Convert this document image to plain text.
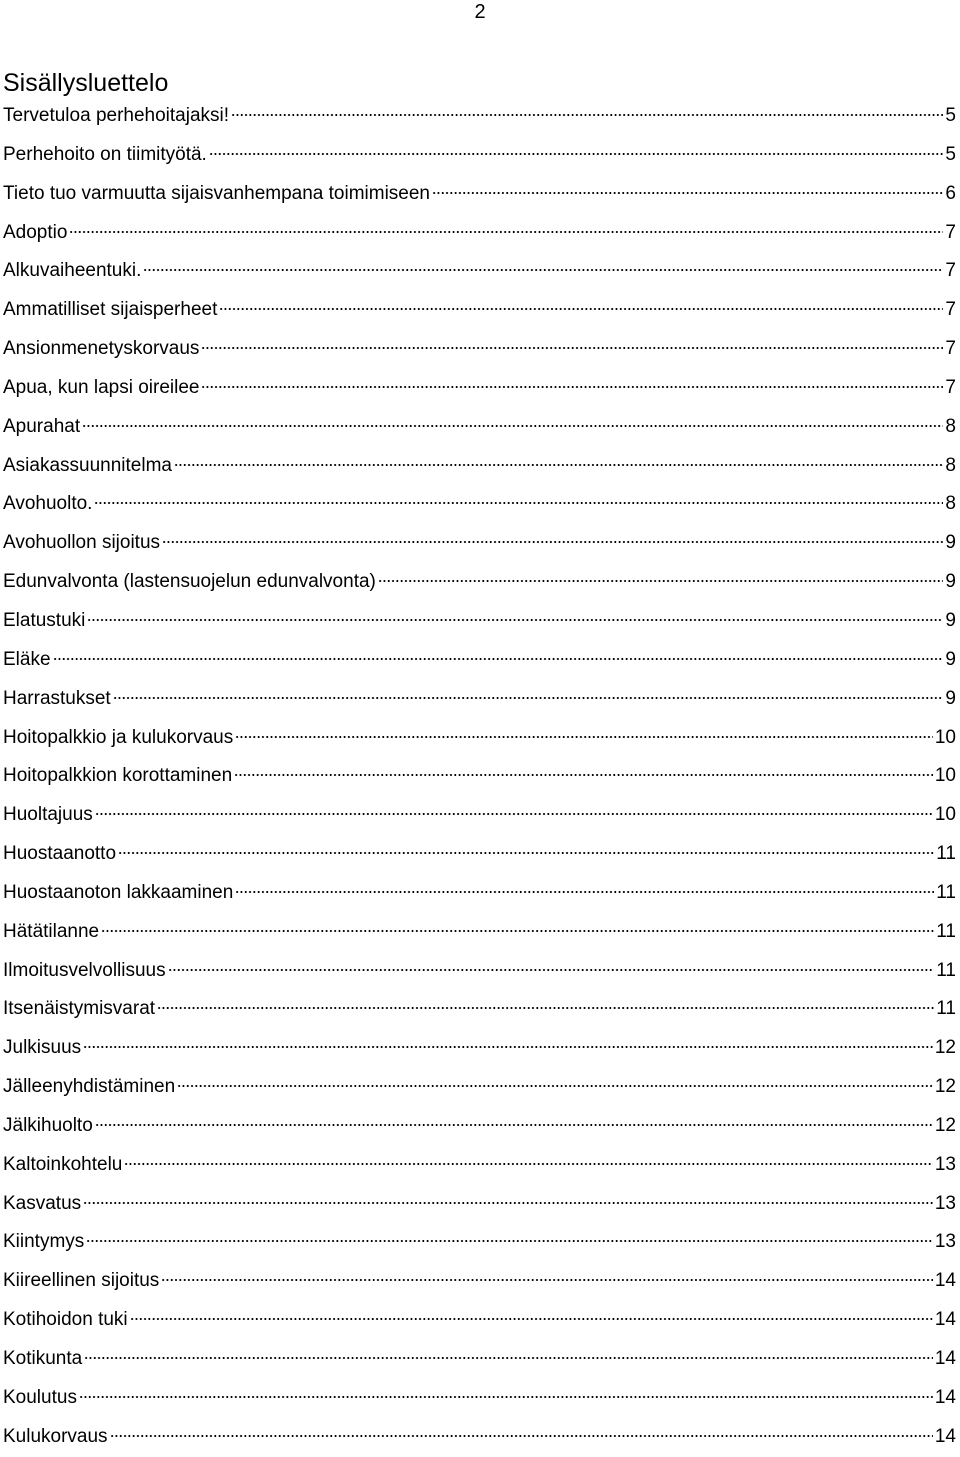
2
Sisällysluettelo
Tervetuloa perhehoitajaksi!	5
Perhehoito on tiimityötä.	5
Tieto tuo varmuutta sijaisvanhempana toimimiseen	6
Adoptio	7
Alkuvaiheentuki.	7
Ammatilliset sijaisperheet	7
Ansionmenetyskorvaus	7
Apua, kun lapsi oireilee	7
Apurahat	8
Asiakassuunnitelma	8
Avohuolto.	8
Avohuollon sijoitus	9
Edunvalvonta (lastensuojelun edunvalvonta)	9
Elatustuki	9
Eläke	9
Harrastukset	9
Hoitopalkkio ja kulukorvaus	10
Hoitopalkkion korottaminen	10
Huoltajuus	10
Huostaanotto	11
Huostaanoton lakkaaminen	11
Hätätilanne	11
Ilmoitusvelvollisuus	11
Itsenäistymisvarat	11
Julkisuus	12
Jälleenyhdistäminen	12
Jälkihuolto	12
Kaltoinkohtelu	13
Kasvatus	13
Kiintymys	13
Kiireellinen sijoitus	14
Kotihoidon tuki	14
Kotikunta	14
Koulutus	14
Kulukorvaus	14
